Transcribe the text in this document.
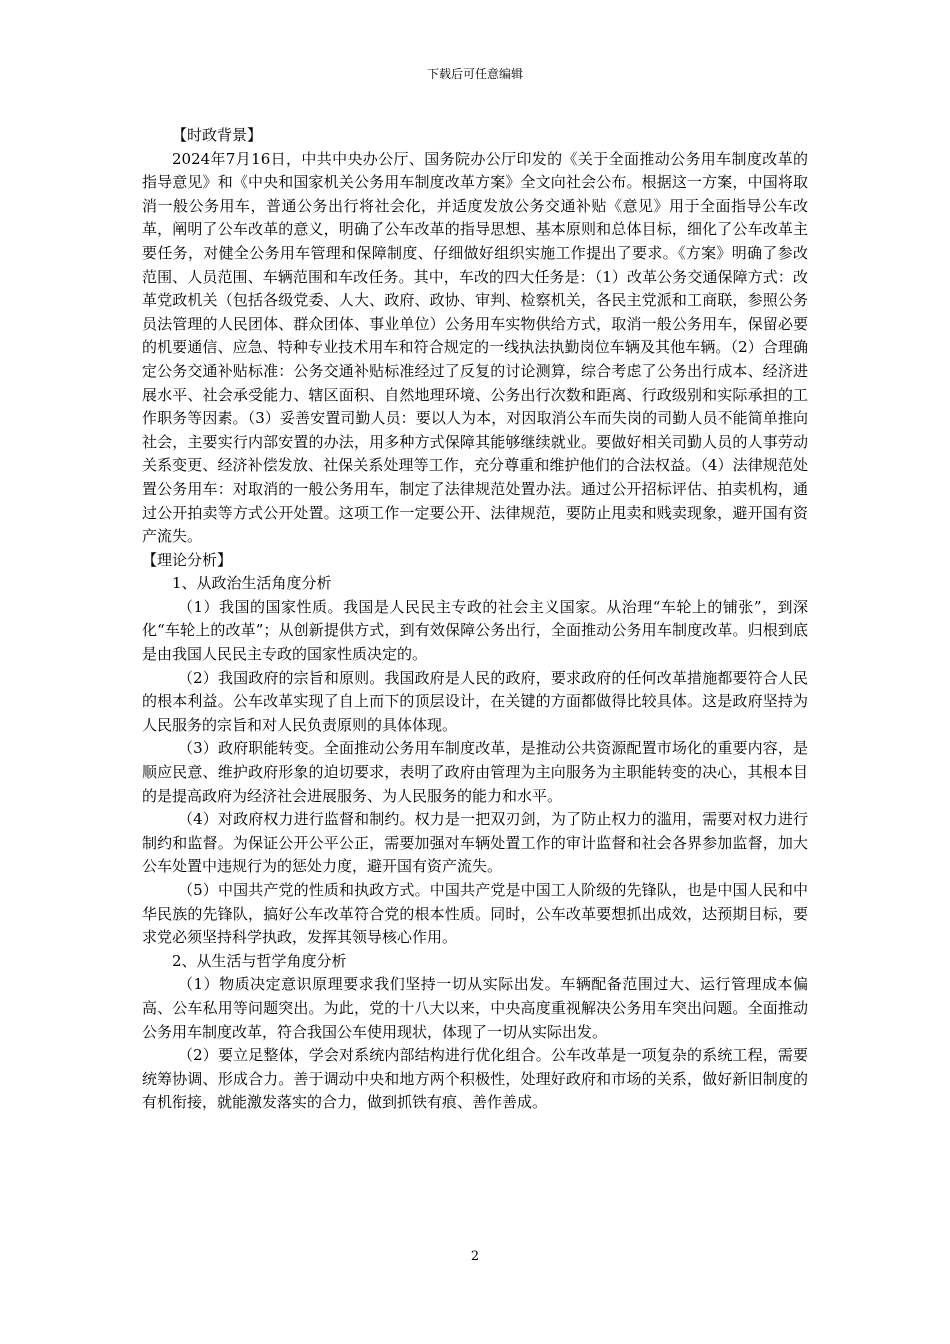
下载后可任意编辑

【时政背景】

2024年7月16日，中共中央办公厅、国务院办公厅印发的《关于全面推动公务用车制度改革的指导意见》和《中央和国家机关公务用车制度改革方案》全文向社会公布。根据这一方案，中国将取消一般公务用车，普通公务出行将社会化，并适度发放公务交通补贴《意见》用于全面指导公车改革，阐明了公车改革的意义，明确了公车改革的指导思想、基本原则和总体目标，细化了公车改革主要任务，对健全公务用车管理和保障制度、仔细做好组织实施工作提出了要求。《方案》明确了参改范围、人员范围、车辆范围和车改任务。其中，车改的四大任务是：（1）改革公务交通保障方式：改革党政机关（包括各级党委、人大、政府、政协、审判、检察机关，各民主党派和工商联，参照公务员法管理的人民团体、群众团体、事业单位）公务用车实物供给方式，取消一般公务用车，保留必要的机要通信、应急、特种专业技术用车和符合规定的一线执法执勤岗位车辆及其他车辆。（2）合理确定公务交通补贴标准：公务交通补贴标准经过了反复的讨论测算，综合考虑了公务出行成本、经济进展水平、社会承受能力、辖区面积、自然地理环境、公务出行次数和距离、行政级别和实际承担的工作职务等因素。（3）妥善安置司勤人员：要以人为本，对因取消公车而失岗的司勤人员不能简单推向社会，主要实行内部安置的办法，用多种方式保障其能够继续就业。要做好相关司勤人员的人事劳动关系变更、经济补偿发放、社保关系处理等工作，充分尊重和维护他们的合法权益。（4）法律规范处置公务用车：对取消的一般公务用车，制定了法律规范处置办法。通过公开招标评估、拍卖机构，通过公开拍卖等方式公开处置。这项工作一定要公开、法律规范，要防止甩卖和贱卖现象，避开国有资产流失。

【理论分析】

1、从政治生活角度分析

（1）我国的国家性质。我国是人民民主专政的社会主义国家。从治理“车轮上的铺张”，到深化“车轮上的改革”；从创新提供方式，到有效保障公务出行，全面推动公务用车制度改革。归根到底是由我国人民民主专政的国家性质决定的。

（2）我国政府的宗旨和原则。我国政府是人民的政府，要求政府的任何改革措施都要符合人民的根本利益。公车改革实现了自上而下的顶层设计，在关键的方面都做得比较具体。这是政府坚持为人民服务的宗旨和对人民负责原则的具体体现。

（3）政府职能转变。全面推动公务用车制度改革，是推动公共资源配置市场化的重要内容，是顺应民意、维护政府形象的迫切要求，表明了政府由管理为主向服务为主职能转变的决心，其根本目的是提高政府为经济社会进展服务、为人民服务的能力和水平。

（4）对政府权力进行监督和制约。权力是一把双刃剑，为了防止权力的滥用，需要对权力进行制约和监督。为保证公开公平公正，需要加强对车辆处置工作的审计监督和社会各界参加监督，加大公车处置中违规行为的惩处力度，避开国有资产流失。

（5）中国共产党的性质和执政方式。中国共产党是中国工人阶级的先锋队，也是中国人民和中华民族的先锋队，搞好公车改革符合党的根本性质。同时，公车改革要想抓出成效，达预期目标，要求党必须坚持科学执政，发挥其领导核心作用。

2、从生活与哲学角度分析

（1）物质决定意识原理要求我们坚持一切从实际出发。车辆配备范围过大、运行管理成本偏高、公车私用等问题突出。为此，党的十八大以来，中央高度重视解决公务用车突出问题。全面推动公务用车制度改革，符合我国公车使用现状，体现了一切从实际出发。

（2）要立足整体，学会对系统内部结构进行优化组合。公车改革是一项复杂的系统工程，需要统筹协调、形成合力。善于调动中央和地方两个积极性，处理好政府和市场的关系，做好新旧制度的有机衔接，就能激发落实的合力，做到抓铁有痕、善作善成。

2
